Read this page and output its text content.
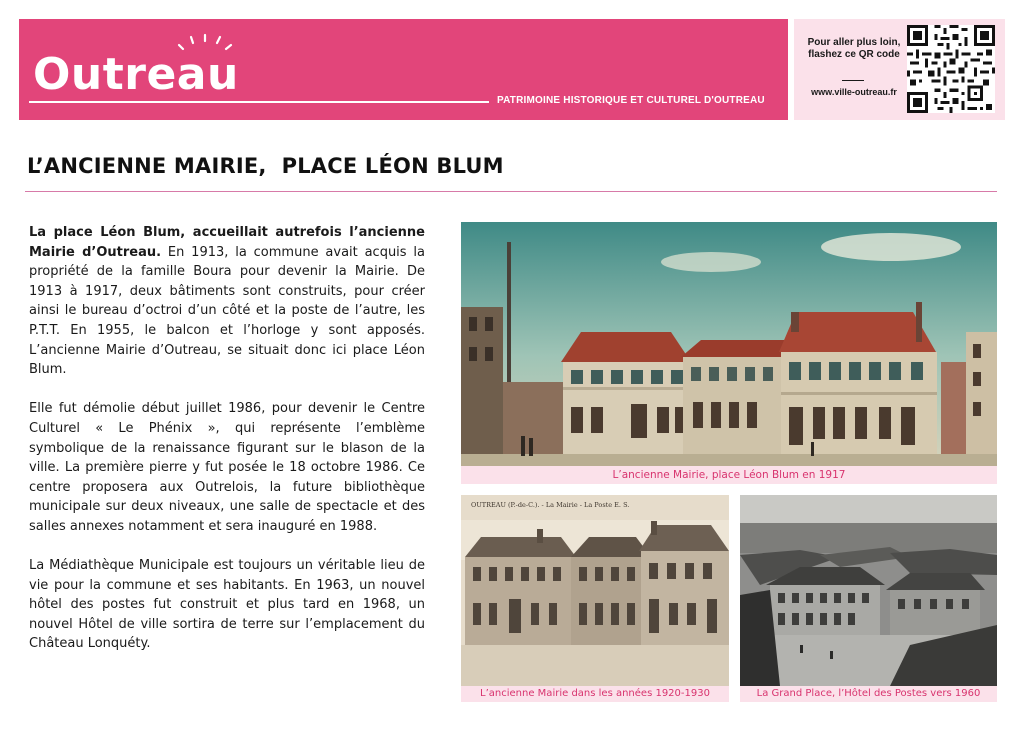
Outreau
PATRIMOINE HISTORIQUE ET CULTUREL D'OUTREAU
Pour aller plus loin, flashez ce QR code
www.ville-outreau.fr
L’ANCIENNE MAIRIE,  PLACE LÉON BLUM

La place Léon Blum, accueillait autrefois l’ancienne Mairie d’Outreau. En 1913, la commune avait acquis la propriété de la famille Boura pour devenir la Mairie. De 1913 à 1917, deux bâtiments sont construits, pour créer ainsi le bureau d’octroi d’un côté et la poste de l’autre, les P.T.T. En 1955, le balcon et l’horloge y sont apposés. L’ancienne Mairie d’Outreau, se situait donc ici place Léon Blum.

Elle fut démolie début juillet 1986, pour devenir le Centre Culturel « Le Phénix », qui représente l’emblème symbolique de la renaissance figurant sur le blason de la ville. La première pierre y fut posée le 18 octobre 1986. Ce centre proposera aux Outrelois, la future bibliothèque municipale sur deux niveaux, une salle de spectacle et des salles annexes notamment et sera inauguré en 1988.

La Médiathèque Municipale est toujours un véritable lieu de vie pour la commune et ses habitants. En 1963, un nouvel hôtel des postes fut construit et plus tard en 1968, un nouvel Hôtel de ville sortira de terre sur l’emplacement du Château Lonquéty.

L’ancienne Mairie, place Léon Blum en 1917
OUTREAU (P.-de-C.). - La Mairie - La Poste E. S.
L’ancienne Mairie dans les années 1920-1930	La Grand Place, l’Hôtel des Postes vers 1960
